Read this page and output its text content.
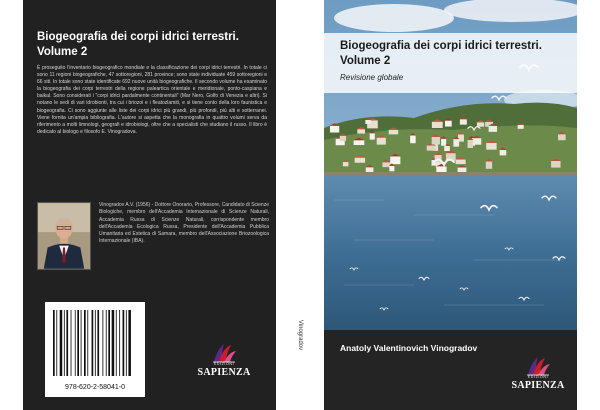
Biogeografia dei corpi idrici terrestri. Volume 2
È proseguito l'inventario biogeografico mondiale e la classificazione dei corpi idrici terrestri. In totale ci sono 11 regioni biogeografiche, 47 sottoregioni, 281 province; sono state individuate 459 sottoregioni e 66 siti. In totale sono state identificate 692 nuove unità biogeografiche. Il secondo volume ha esaminato la biogeografia dei corpi terrestri della regione paleartica orientale e meridionale, ponto-caspiana e baikal. Sono considerati i "corpi idrici pardalmente continentali" (Mar Nero, Golfo di Venezia e altri). Si notano le sedi di vari idrobionti, tra cui i briozoi e i fleatozlamiti, e si tiene conto della loro faunistica e biogeografia. Ci sono aggiunte alle liste dei corpi idrici più grandi, più profondi, più alti e sotterranei. Viene fornita un'ampia bibliografia. L'autore si aspetta che la monografia in quattro volumi serva da riferimento a molti limnologi, geografi e idrobiologi, oltre che a specialisti che studiano il russo. Il libro è dedicato al biologo e filosofo E. Vinogradova.
Vinogradov A.V. (1956) - Dottore Onorario, Professore, Candidato di Scienze Biologiche, membro dell'Accademia Internazionale di Scienze Naturali, Accademia Russa di Scienze Naturali, corrispondente membro dell'Accademia Ecologica Russa, Presidente dell'Accademia Pubblica Umanitaria ed Estetica di Samara, membro dell'Associazione Briozoologica Internazionale (IBA).
978-620-2-58041-0
EDIZIONI
SAPIENZA
Vinogradov
Biogeografia dei corpi idrici terrestri. Volume 2
Revisione globale
Anatoly Valentinovich Vinogradov
EDIZIONI
SAPIENZA
